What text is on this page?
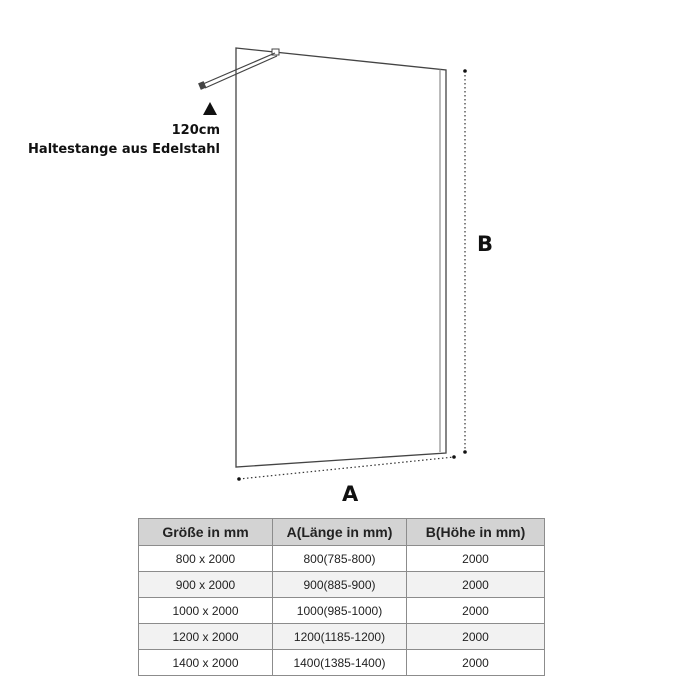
120cm
Haltestange aus Edelstahl
A
B
Größe in mm	A(Länge in mm)	B(Höhe in mm)
800 x 2000	800(785-800)	2000
900 x 2000	900(885-900)	2000
1000 x 2000	1000(985-1000)	2000
1200 x 2000	1200(1185-1200)	2000
1400 x 2000	1400(1385-1400)	2000
